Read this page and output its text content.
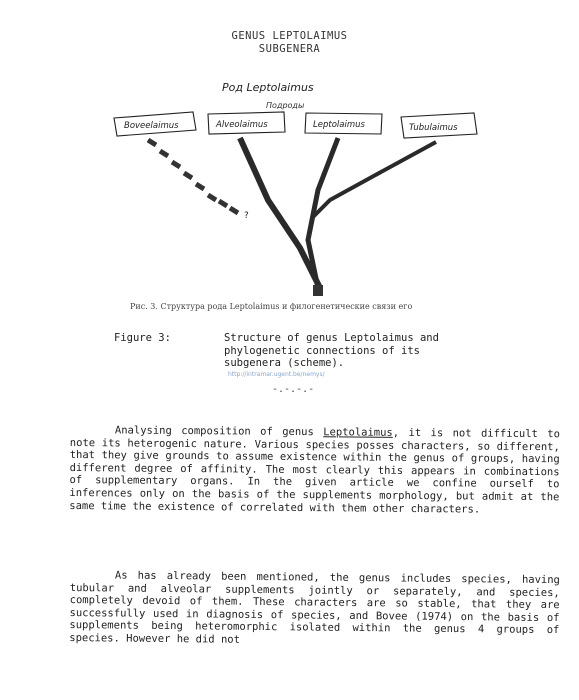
GENUS LEPTOLAIMUS
SUBGENERA
Род Leptolaimus
Подроды
Boveelaimus	Alveolaimus	Leptolaimus	Tubulaimus
?
Рис. 3. Структура рода Leptolaimus и филогенетические связи его
Figure 3:	Structure of genus Leptolaimus and phylogenetic connections of its subgenera (scheme).
http://intramar.ugent.be/nemys/
-.-.-.-
Analysing composition of genus Leptolaimus, it is not difficult to note its heterogenic nature. Various species posses characters, so different, that they give grounds to assume existence within the genus of groups, having different degree of affinity. The most clearly this appears in combinations of supplementary organs. In the given article we confine ourself to inferences only on the basis of the supplements morphology, but admit at the same time the existence of correlated with them other characters.
As has already been mentioned, the genus includes species, having tubular and alveolar supplements jointly or separately, and species, completely devoid of them. These characters are so stable, that they are successfully used in diagnosis of species, and Bovee (1974) on the basis of supplements being heteromorphic isolated within the genus 4 groups of species. However he did not
